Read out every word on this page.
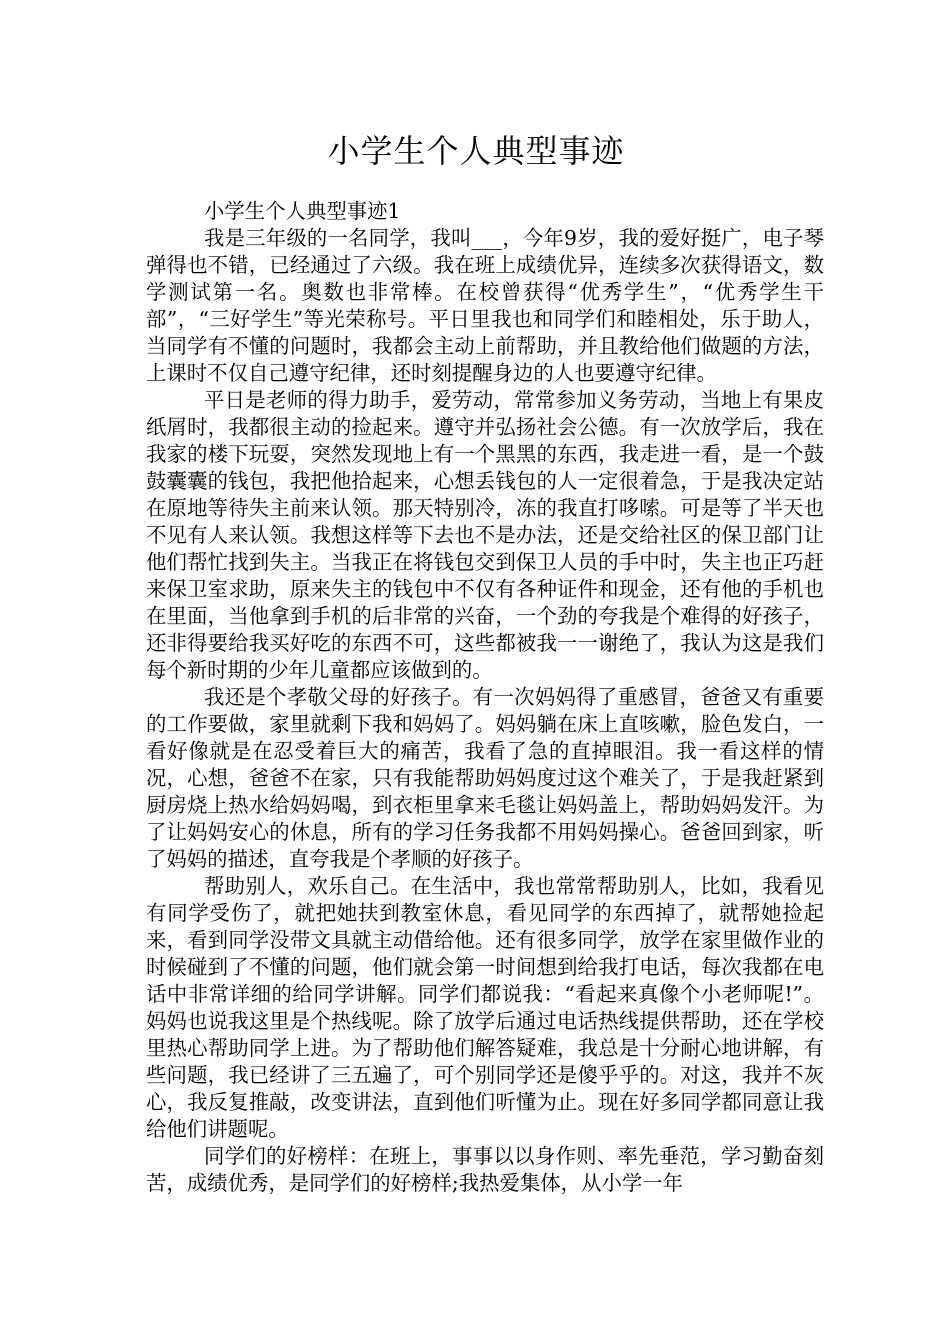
小学生个人典型事迹

小学生个人典型事迹1

我是三年级的一名同学，我叫___，今年9岁，我的爱好挺广，电子琴弹得也不错，已经通过了六级。我在班上成绩优异，连续多次获得语文，数学测试第一名。奥数也非常棒。在校曾获得“优秀学生”，“优秀学生干部”，“三好学生”等光荣称号。平日里我也和同学们和睦相处，乐于助人，当同学有不懂的问题时，我都会主动上前帮助，并且教给他们做题的方法，上课时不仅自己遵守纪律，还时刻提醒身边的人也要遵守纪律。

平日是老师的得力助手，爱劳动，常常参加义务劳动，当地上有果皮纸屑时，我都很主动的捡起来。遵守并弘扬社会公德。有一次放学后，我在我家的楼下玩耍，突然发现地上有一个黑黑的东西，我走进一看，是一个鼓鼓囊囊的钱包，我把他拾起来，心想丢钱包的人一定很着急，于是我决定站在原地等待失主前来认领。那天特别冷，冻的我直打哆嗦。可是等了半天也不见有人来认领。我想这样等下去也不是办法，还是交给社区的保卫部门让他们帮忙找到失主。当我正在将钱包交到保卫人员的手中时，失主也正巧赶来保卫室求助，原来失主的钱包中不仅有各种证件和现金，还有他的手机也在里面，当他拿到手机的后非常的兴奋，一个劲的夸我是个难得的好孩子，还非得要给我买好吃的东西不可，这些都被我一一谢绝了，我认为这是我们每个新时期的少年儿童都应该做到的。

我还是个孝敬父母的好孩子。有一次妈妈得了重感冒，爸爸又有重要的工作要做，家里就剩下我和妈妈了。妈妈躺在床上直咳嗽，脸色发白，一看好像就是在忍受着巨大的痛苦，我看了急的直掉眼泪。我一看这样的情况，心想，爸爸不在家，只有我能帮助妈妈度过这个难关了，于是我赶紧到厨房烧上热水给妈妈喝，到衣柜里拿来毛毯让妈妈盖上，帮助妈妈发汗。为了让妈妈安心的休息，所有的学习任务我都不用妈妈操心。爸爸回到家，听了妈妈的描述，直夸我是个孝顺的好孩子。

帮助别人，欢乐自己。在生活中，我也常常帮助别人，比如，我看见有同学受伤了，就把她扶到教室休息，看见同学的东西掉了，就帮她捡起来，看到同学没带文具就主动借给他。还有很多同学，放学在家里做作业的时候碰到了不懂的问题，他们就会第一时间想到给我打电话，每次我都在电话中非常详细的给同学讲解。同学们都说我：“看起来真像个小老师呢!”。妈妈也说我这里是个热线呢。除了放学后通过电话热线提供帮助，还在学校里热心帮助同学上进。为了帮助他们解答疑难，我总是十分耐心地讲解，有些问题，我已经讲了三五遍了，可个别同学还是傻乎乎的。对这，我并不灰心，我反复推敲，改变讲法，直到他们听懂为止。现在好多同学都同意让我给他们讲题呢。

同学们的好榜样：在班上，事事以以身作则、率先垂范，学习勤奋刻苦，成绩优秀，是同学们的好榜样;我热爱集体，从小学一年
